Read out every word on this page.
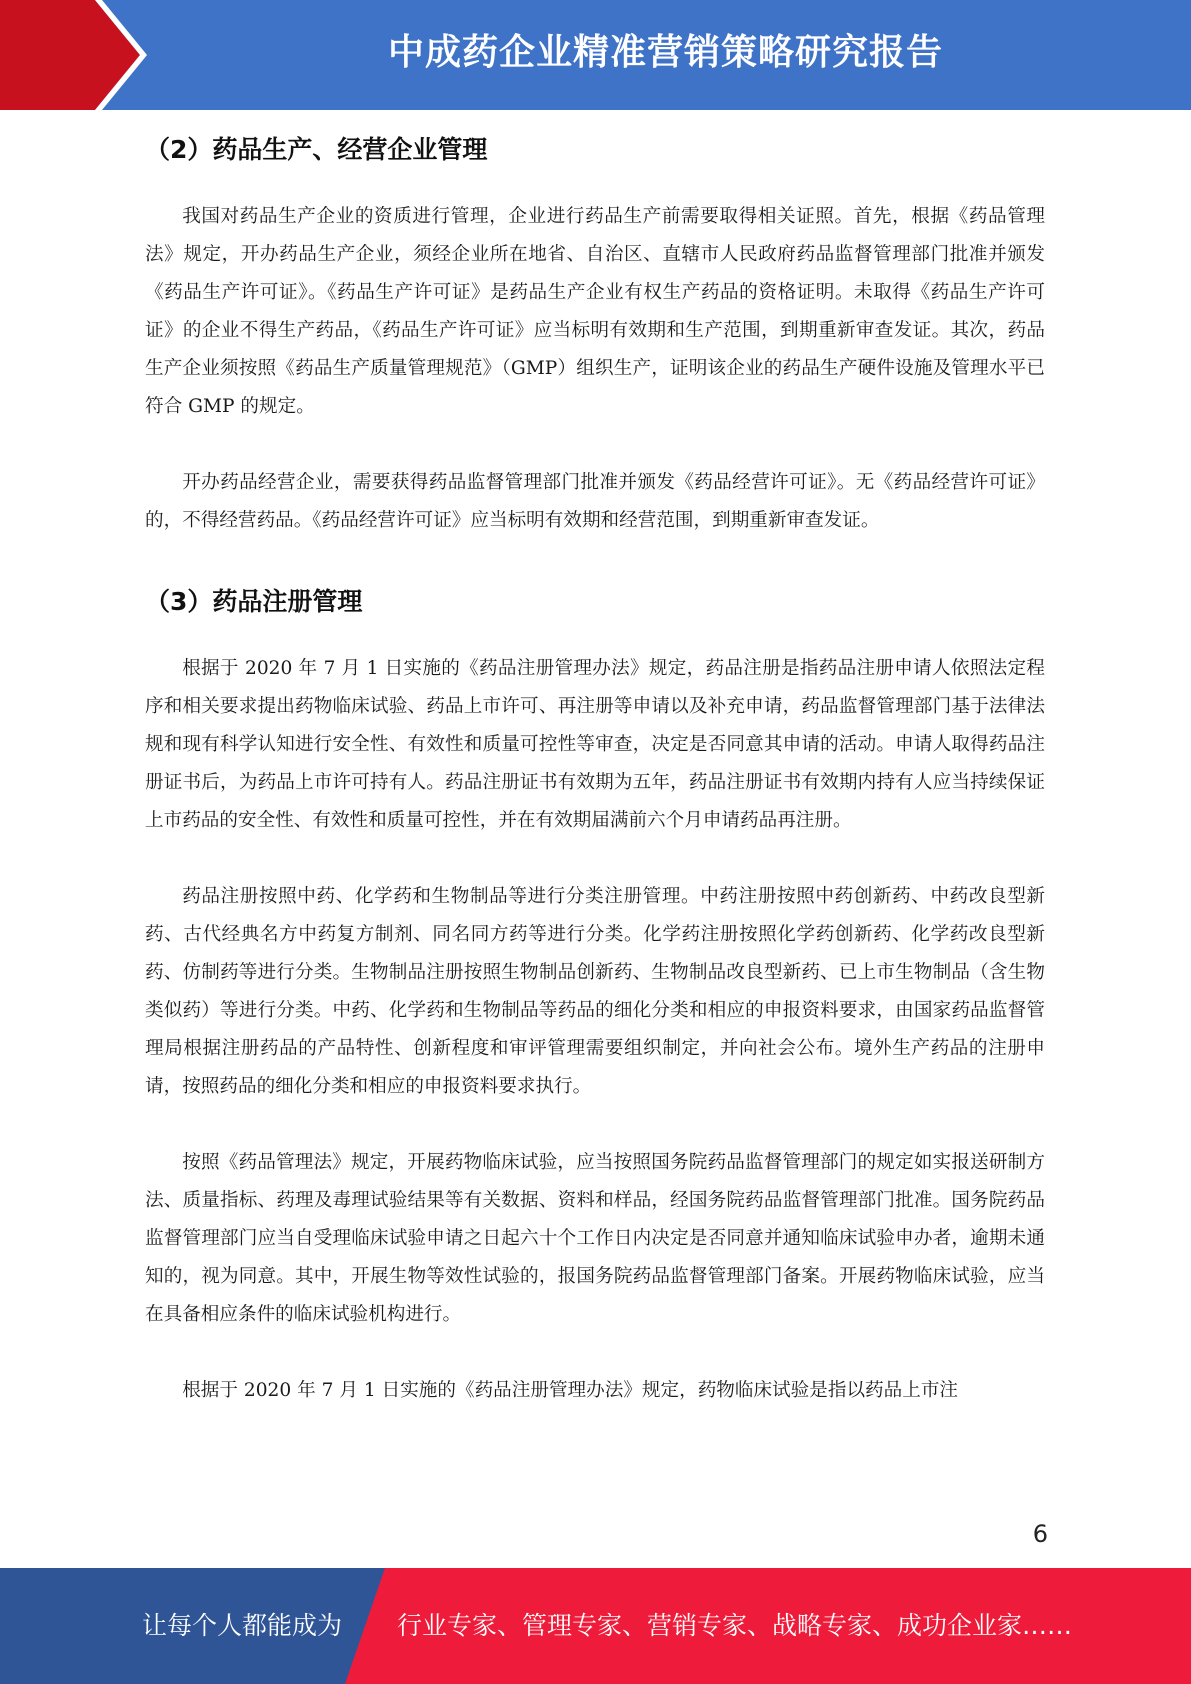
中成药企业精准营销策略研究报告
（2）药品生产、经营企业管理

我国对药品生产企业的资质进行管理，企业进行药品生产前需要取得相关证照。首先，根据《药品管理法》规定，开办药品生产企业，须经企业所在地省、自治区、直辖市人民政府药品监督管理部门批准并颁发《药品生产许可证》。《药品生产许可证》是药品生产企业有权生产药品的资格证明。未取得《药品生产许可证》的企业不得生产药品，《药品生产许可证》应当标明有效期和生产范围，到期重新审查发证。其次，药品生产企业须按照《药品生产质量管理规范》（GMP）组织生产，证明该企业的药品生产硬件设施及管理水平已符合 GMP 的规定。

开办药品经营企业，需要获得药品监督管理部门批准并颁发《药品经营许可证》。无《药品经营许可证》的，不得经营药品。《药品经营许可证》应当标明有效期和经营范围，到期重新审查发证。

（3）药品注册管理

根据于 2020 年 7 月 1 日实施的《药品注册管理办法》规定，药品注册是指药品注册申请人依照法定程序和相关要求提出药物临床试验、药品上市许可、再注册等申请以及补充申请，药品监督管理部门基于法律法规和现有科学认知进行安全性、有效性和质量可控性等审查，决定是否同意其申请的活动。申请人取得药品注册证书后，为药品上市许可持有人。药品注册证书有效期为五年，药品注册证书有效期内持有人应当持续保证上市药品的安全性、有效性和质量可控性，并在有效期届满前六个月申请药品再注册。

药品注册按照中药、化学药和生物制品等进行分类注册管理。中药注册按照中药创新药、中药改良型新药、古代经典名方中药复方制剂、同名同方药等进行分类。化学药注册按照化学药创新药、化学药改良型新药、仿制药等进行分类。生物制品注册按照生物制品创新药、生物制品改良型新药、已上市生物制品（含生物类似药）等进行分类。中药、化学药和生物制品等药品的细化分类和相应的申报资料要求，由国家药品监督管理局根据注册药品的产品特性、创新程度和审评管理需要组织制定，并向社会公布。境外生产药品的注册申请，按照药品的细化分类和相应的申报资料要求执行。

按照《药品管理法》规定，开展药物临床试验，应当按照国务院药品监督管理部门的规定如实报送研制方法、质量指标、药理及毒理试验结果等有关数据、资料和样品，经国务院药品监督管理部门批准。国务院药品监督管理部门应当自受理临床试验申请之日起六十个工作日内决定是否同意并通知临床试验申办者，逾期未通知的，视为同意。其中，开展生物等效性试验的，报国务院药品监督管理部门备案。开展药物临床试验，应当在具备相应条件的临床试验机构进行。

根据于 2020 年 7 月 1 日实施的《药品注册管理办法》规定，药物临床试验是指以药品上市注

6
让每个人都能成为 行业专家、管理专家、营销专家、战略专家、成功企业家……
